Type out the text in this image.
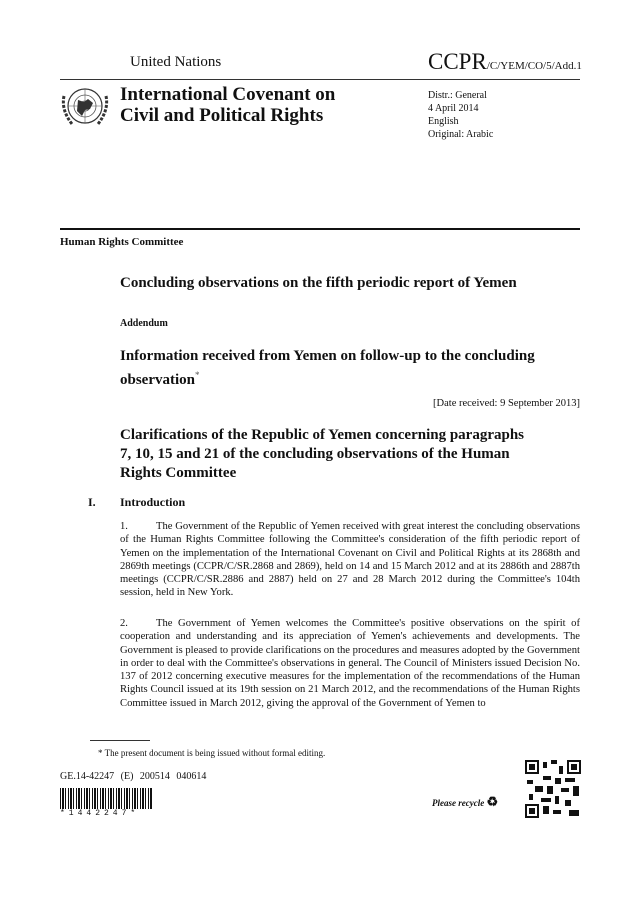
United Nations	CCPR/C/YEM/CO/5/Add.1
International Covenant on
Civil and Political Rights
Distr.: General
4 April 2014
English
Original: Arabic
Human Rights Committee
Concluding observations on the fifth periodic report of Yemen
Addendum
Information received from Yemen on follow-up to the concluding observation*
[Date received: 9 September 2013]
Clarifications of the Republic of Yemen concerning paragraphs 7, 10, 15 and 21 of the concluding observations of the Human Rights Committee
I. Introduction
1.	The Government of the Republic of Yemen received with great interest the concluding observations of the Human Rights Committee following the Committee's consideration of the fifth periodic report of Yemen on the implementation of the International Covenant on Civil and Political Rights at its 2868th and 2869th meetings (CCPR/C/SR.2868 and 2869), held on 14 and 15 March 2012 and at its 2886th and 2887th meetings (CCPR/C/SR.2886 and 2887) held on 27 and 28 March 2012 during the Committee's 104th session, held in New York.
2.	The Government of Yemen welcomes the Committee's positive observations on the spirit of cooperation and understanding and its appreciation of Yemen's achievements and developments. The Government is pleased to provide clarifications on the procedures and measures adopted by the Government in order to deal with the Committee's observations in general. The Council of Ministers issued Decision No. 137 of 2012 concerning executive measures for the implementation of the recommendations of the Human Rights Council issued at its 19th session on 21 March 2012, and the recommendations of the Human Rights Committee issued in March 2012, giving the approval of the Government of Yemen to
* The present document is being issued without formal editing.
GE.14-42247 (E) 200514 040614
*1442247*
Please recycle ♻
